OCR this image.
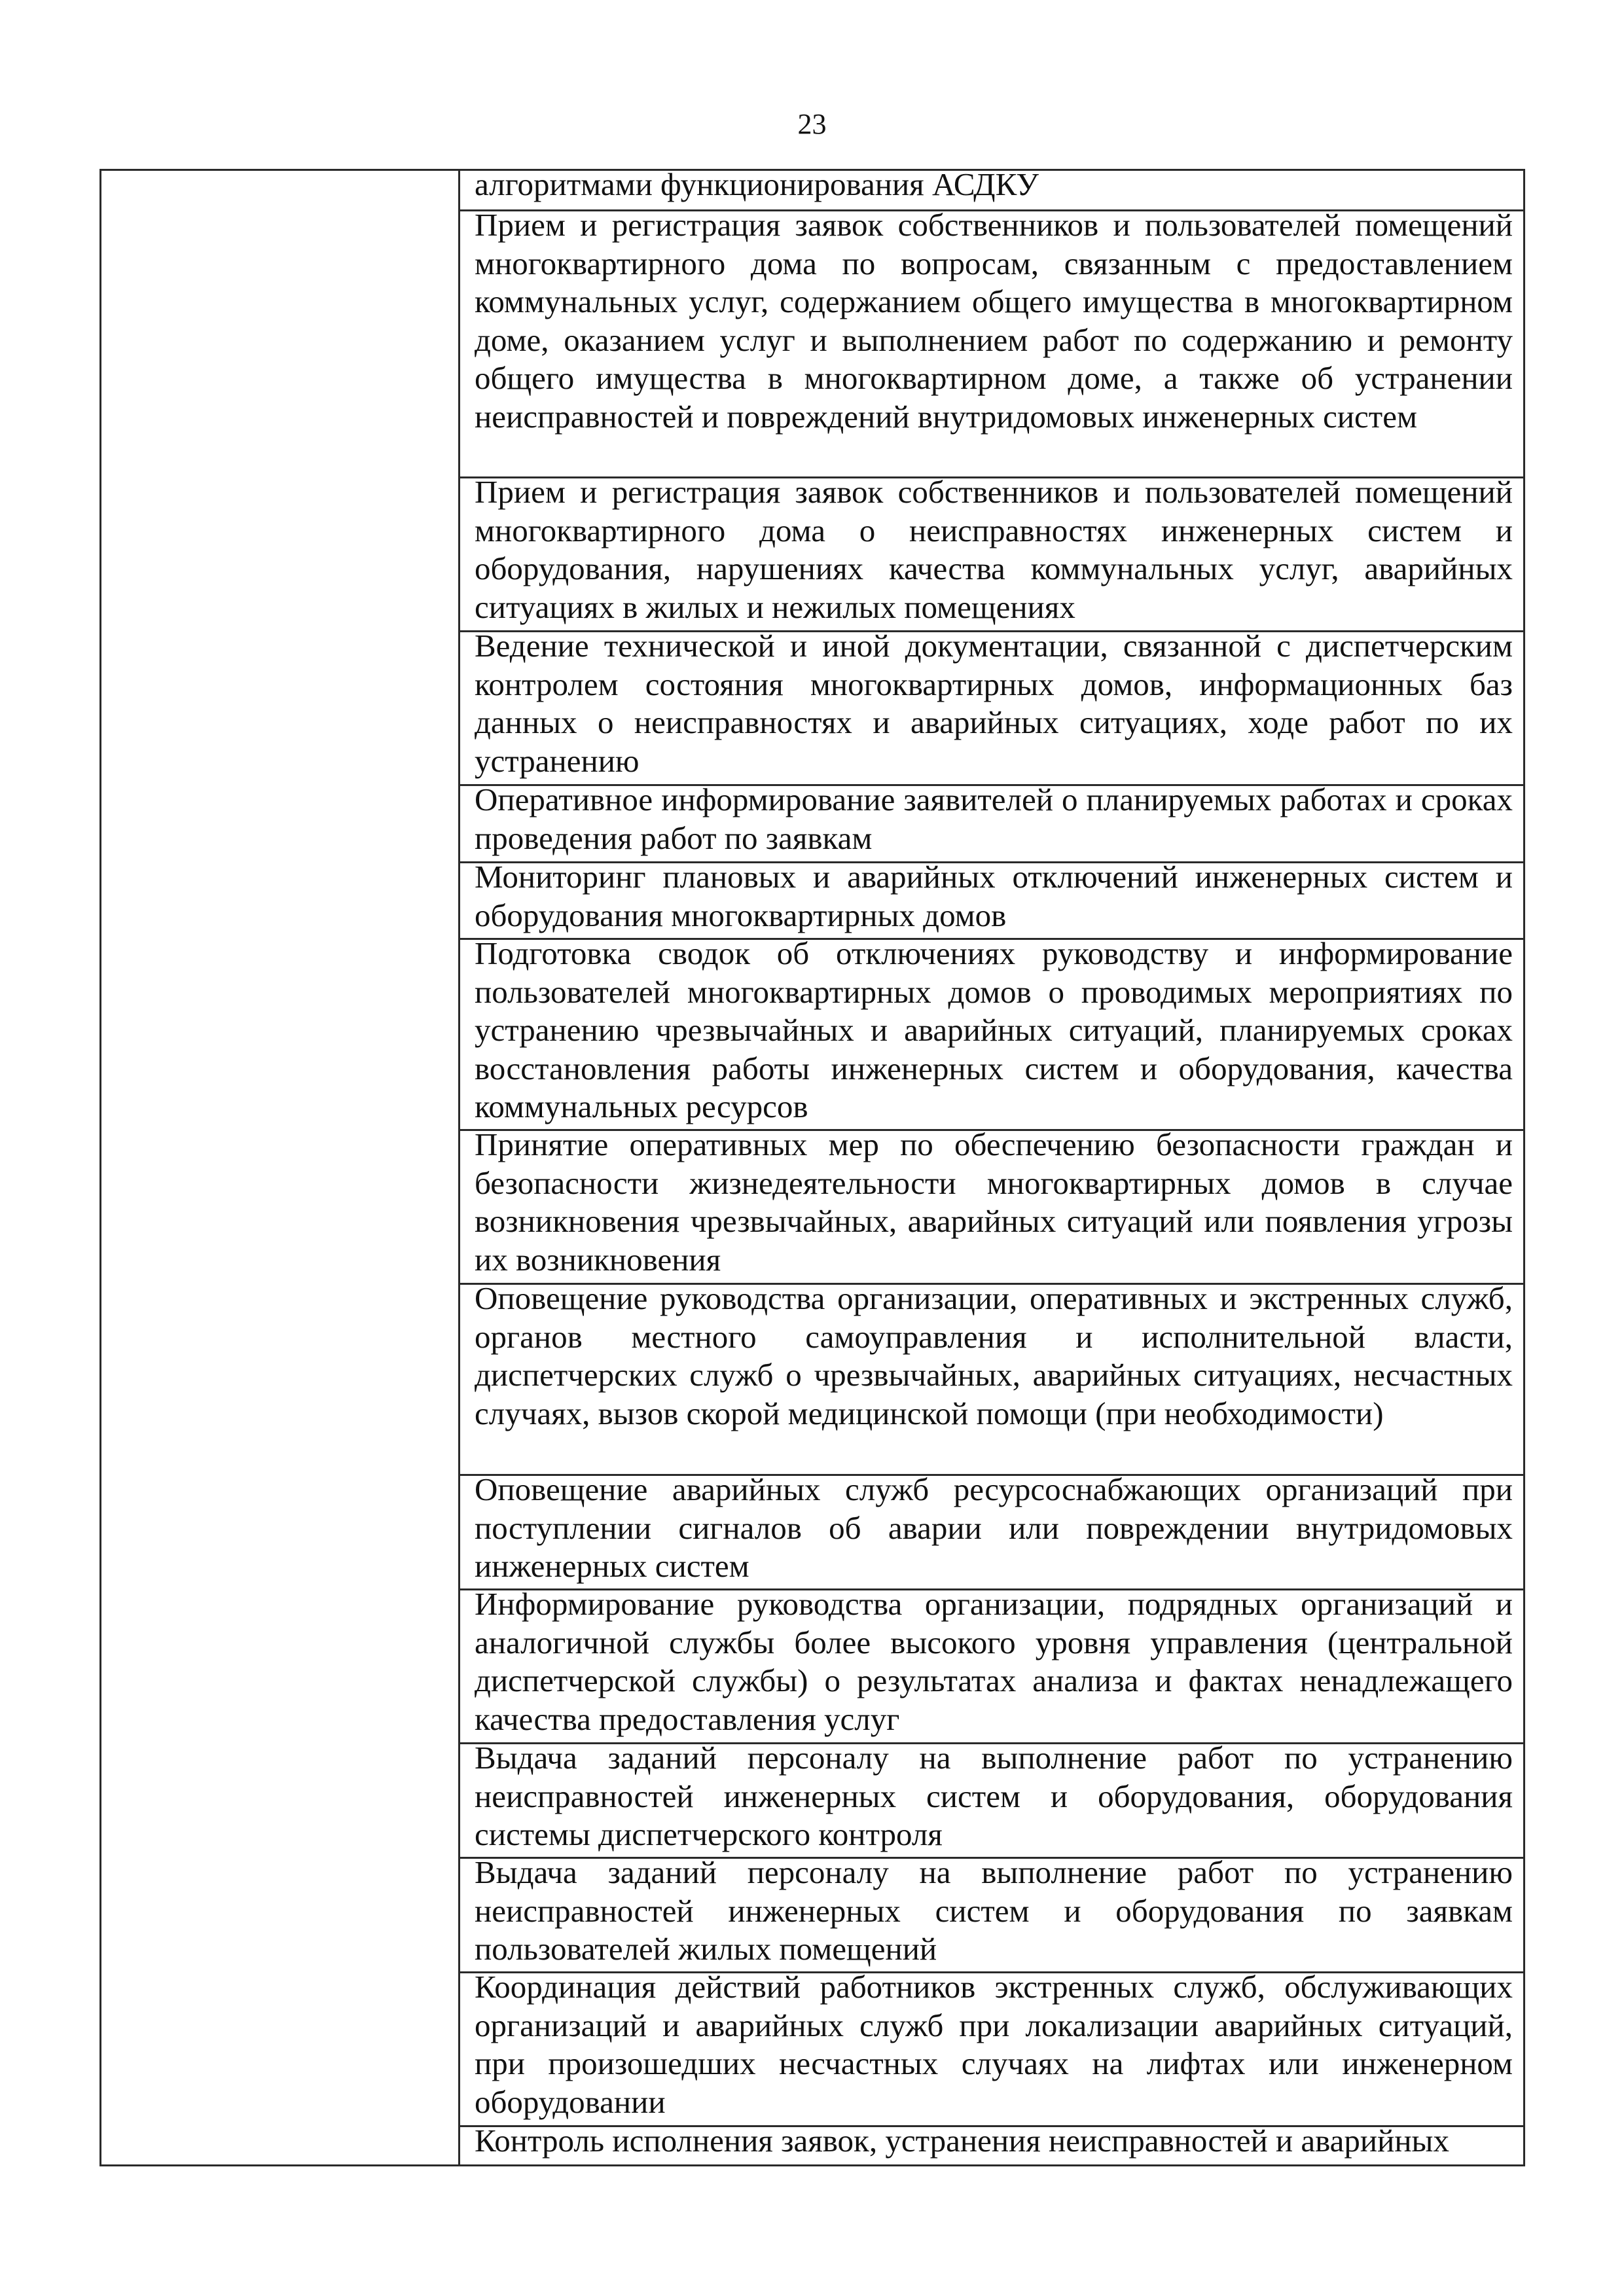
23

алгоритмами функционирования АСДКУ

Прием и регистрация заявок собственников и пользователей помещений многоквартирного дома по вопросам, связанным с предоставлением коммунальных услуг, содержанием общего имущества в многоквартирном доме, оказанием услуг и выполнением работ по содержанию и ремонту общего имущества в многоквартирном доме, а также об устранении неисправностей и повреждений внутридомовых инженерных систем

Прием и регистрация заявок собственников и пользователей помещений многоквартирного дома о неисправностях инженерных систем и оборудования, нарушениях качества коммунальных услуг, аварийных ситуациях в жилых и нежилых помещениях

Ведение технической и иной документации, связанной с диспетчерским контролем состояния многоквартирных домов, информационных баз данных о неисправностях и аварийных ситуациях, ходе работ по их устранению

Оперативное информирование заявителей о планируемых работах и сроках проведения работ по заявкам

Мониторинг плановых и аварийных отключений инженерных систем и оборудования многоквартирных домов

Подготовка сводок об отключениях руководству и информирование пользователей многоквартирных домов о проводимых мероприятиях по устранению чрезвычайных и аварийных ситуаций, планируемых сроках восстановления работы инженерных систем и оборудования, качества коммунальных ресурсов

Принятие оперативных мер по обеспечению безопасности граждан и безопасности жизнедеятельности многоквартирных домов в случае возникновения чрезвычайных, аварийных ситуаций или появления угрозы их возникновения

Оповещение руководства организации, оперативных и экстренных служб, органов местного самоуправления и исполнительной власти, диспетчерских служб о чрезвычайных, аварийных ситуациях, несчастных случаях, вызов скорой медицинской помощи (при необходимости)

Оповещение аварийных служб ресурсоснабжающих организаций при поступлении сигналов об аварии или повреждении внутридомовых инженерных систем

Информирование руководства организации, подрядных организаций и аналогичной службы более высокого уровня управления (центральной диспетчерской службы) о результатах анализа и фактах ненадлежащего качества предоставления услуг

Выдача заданий персоналу на выполнение работ по устранению неисправностей инженерных систем и оборудования, оборудования системы диспетчерского контроля

Выдача заданий персоналу на выполнение работ по устранению неисправностей инженерных систем и оборудования по заявкам пользователей жилых помещений

Координация действий работников экстренных служб, обслуживающих организаций и аварийных служб при локализации аварийных ситуаций, при произошедших несчастных случаях на лифтах или инженерном оборудовании

Контроль исполнения заявок, устранения неисправностей и аварийных
